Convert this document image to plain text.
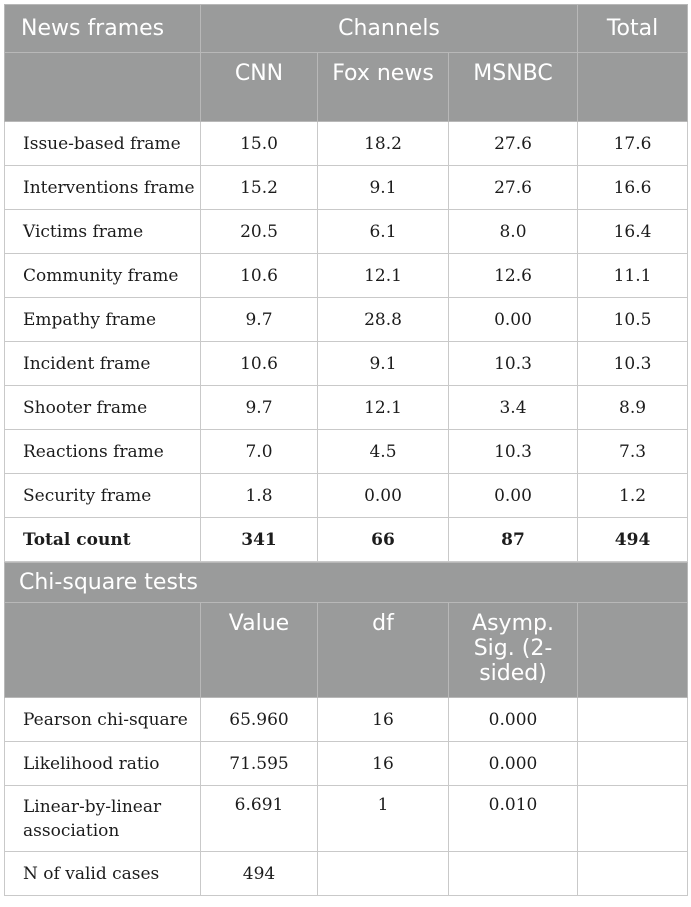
News frames	Channels			Total
	CNN	Fox news	MSNBC	
Issue-based frame	15.0	18.2	27.6	17.6
Interventions frame	15.2	9.1	27.6	16.6
Victims frame	20.5	6.1	8.0	16.4
Community frame	10.6	12.1	12.6	11.1
Empathy frame	9.7	28.8	0.00	10.5
Incident frame	10.6	9.1	10.3	10.3
Shooter frame	9.7	12.1	3.4	8.9
Reactions frame	7.0	4.5	10.3	7.3
Security frame	1.8	0.00	0.00	1.2
Total count	341	66	87	494
Chi-square tests				
	Value	df	Asymp. Sig. (2-sided)	
Pearson chi-square	65.960	16	0.000	
Likelihood ratio	71.595	16	0.000	
Linear-by-linear association	6.691	1	0.010	
N of valid cases	494			
